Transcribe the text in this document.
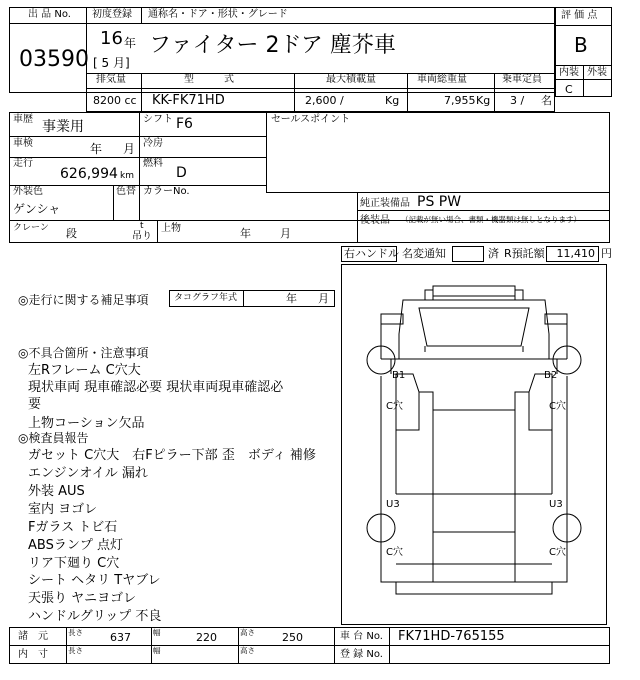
出 品 No. 初度登録 通称名・ドア・形状・グレード
03590
16 年
[ 5 月]
ファイター 2ドア 塵芥車
排気量	型　　　式	最大積載量	車両総重量	乗車定員
評 価 点
B
内装 外装
C
8200 cc KK-FK71HD	2,600 /	Kg	7,955 Kg 3 / 名
車歴 事業用	シフト F6
車検	年 月 冷房
走行
626,994 km
燃料
D
セールスポイント
外装色
ゲンシャ
色替 カラーNo.
純正装備品 PS PW
後装品 （記載が無い場合、書類・機器類は無しとなります）
クレーン 段
t
吊り
上物	年	月
右ハンドル 名変通知	済 R預託額	11,410 円
◎走行に関する補足事項	タコグラフ年式	年 月
◎不具合箇所・注意事項
左Rフレーム C穴大
現状車両 現車確認必要 現状車両現車確認必
要
上物コーション欠品
◎検査員報告
ガセット C穴大　右Fピラー下部 歪　ボディ 補修
エンジンオイル 漏れ
外装 AUS
室内 ヨゴレ
Fガラス トビ石
ABSランプ 点灯
リア下廻り C穴
シート ヘタリ Tヤブレ
天張り ヤニヨゴレ
ハンドルグリップ 不良
B1	B2
C穴	C穴
U3	U3
C穴	C穴
諸　元	長さ 637	幅	220	高さ 250	車 台 No. FK71HD-765155
内　寸	長さ	幅	高さ	登 録 No.
